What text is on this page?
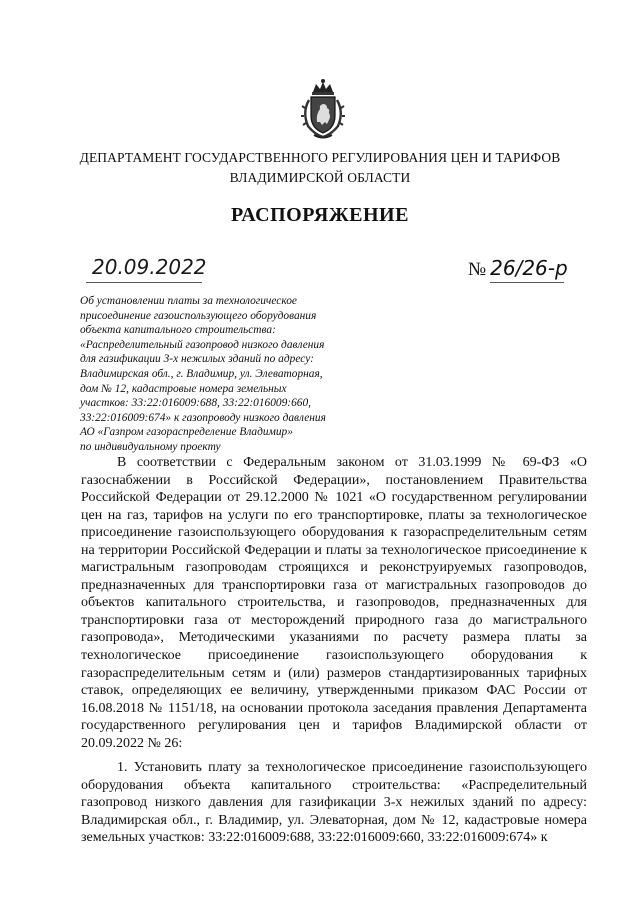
ДЕПАРТАМЕНТ ГОСУДАРСТВЕННОГО РЕГУЛИРОВАНИЯ ЦЕН И ТАРИФОВ
ВЛАДИМИРСКОЙ ОБЛАСТИ
РАСПОРЯЖЕНИЕ
20.09.2022	№ 26/26-р
Об установлении платы за технологическое
присоединение газоиспользующего оборудования
объекта капитального строительства:
«Распределительный газопровод низкого давления
для газификации 3-х нежилых зданий по адресу:
Владимирская обл., г. Владимир, ул. Элеваторная,
дом № 12, кадастровые номера земельных
участков: 33:22:016009:688, 33:22:016009:660,
33:22:016009:674» к газопроводу низкого давления
АО «Газпром газораспределение Владимир»
по индивидуальному проекту

В соответствии с Федеральным законом от 31.03.1999 № 69-ФЗ «О газоснабжении в Российской Федерации», постановлением Правительства Российской Федерации от 29.12.2000 № 1021 «О государственном регулировании цен на газ, тарифов на услуги по его транспортировке, платы за технологическое присоединение газоиспользующего оборудования к газораспределительным сетям на территории Российской Федерации и платы за технологическое присоединение к магистральным газопроводам строящихся и реконструируемых газопроводов, предназначенных для транспортировки газа от магистральных газопроводов до объектов капитального строительства, и газопроводов, предназначенных для транспортировки газа от месторождений природного газа до магистрального газопровода», Методическими указаниями по расчету размера платы за технологическое присоединение газоиспользующего оборудования к газораспределительным сетям и (или) размеров стандартизированных тарифных ставок, определяющих ее величину, утвержденными приказом ФАС России от 16.08.2018 № 1151/18, на основании протокола заседания правления Департамента государственного регулирования цен и тарифов Владимирской области от 20.09.2022 № 26:

1. Установить плату за технологическое присоединение газоиспользующего оборудования объекта капитального строительства: «Распределительный газопровод низкого давления для газификации 3-х нежилых зданий по адресу: Владимирская обл., г. Владимир, ул. Элеваторная, дом № 12, кадастровые номера земельных участков: 33:22:016009:688, 33:22:016009:660, 33:22:016009:674» к
